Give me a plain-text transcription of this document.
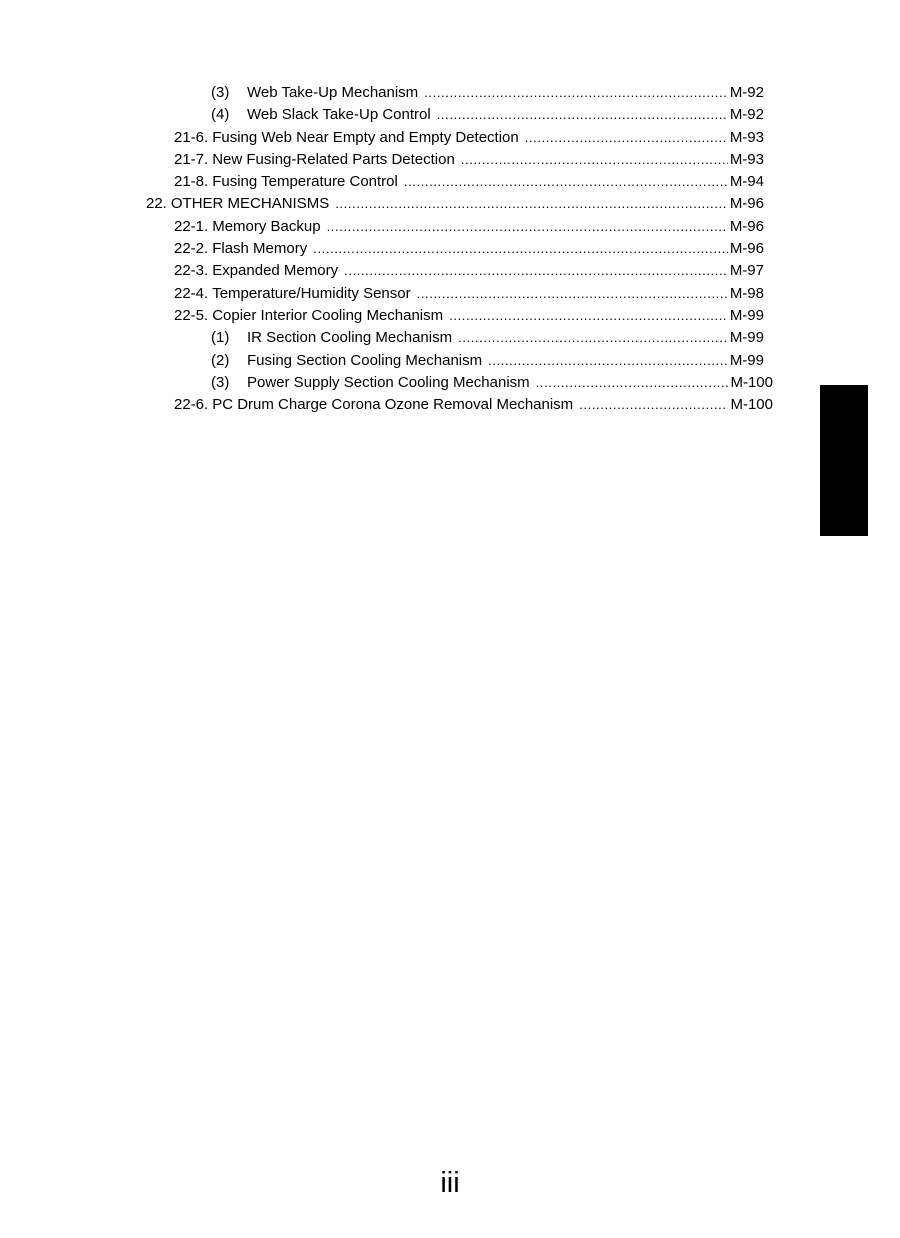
(3)	Web Take-Up Mechanism .....	M-92
(4)	Web Slack Take-Up Control .....	M-92
21-6. Fusing Web Near Empty and Empty Detection .....	M-93
21-7. New Fusing-Related Parts Detection .....	M-93
21-8. Fusing Temperature Control .....	M-94
22. OTHER MECHANISMS .....	M-96
22-1. Memory Backup .....	M-96
22-2. Flash Memory .....	M-96
22-3. Expanded Memory .....	M-97
22-4. Temperature/Humidity Sensor .....	M-98
22-5. Copier Interior Cooling Mechanism .....	M-99
(1)	IR Section Cooling Mechanism .....	M-99
(2)	Fusing Section Cooling Mechanism .....	M-99
(3)	Power Supply Section Cooling Mechanism .....	M-100
22-6. PC Drum Charge Corona Ozone Removal Mechanism .....	M-100
iii
